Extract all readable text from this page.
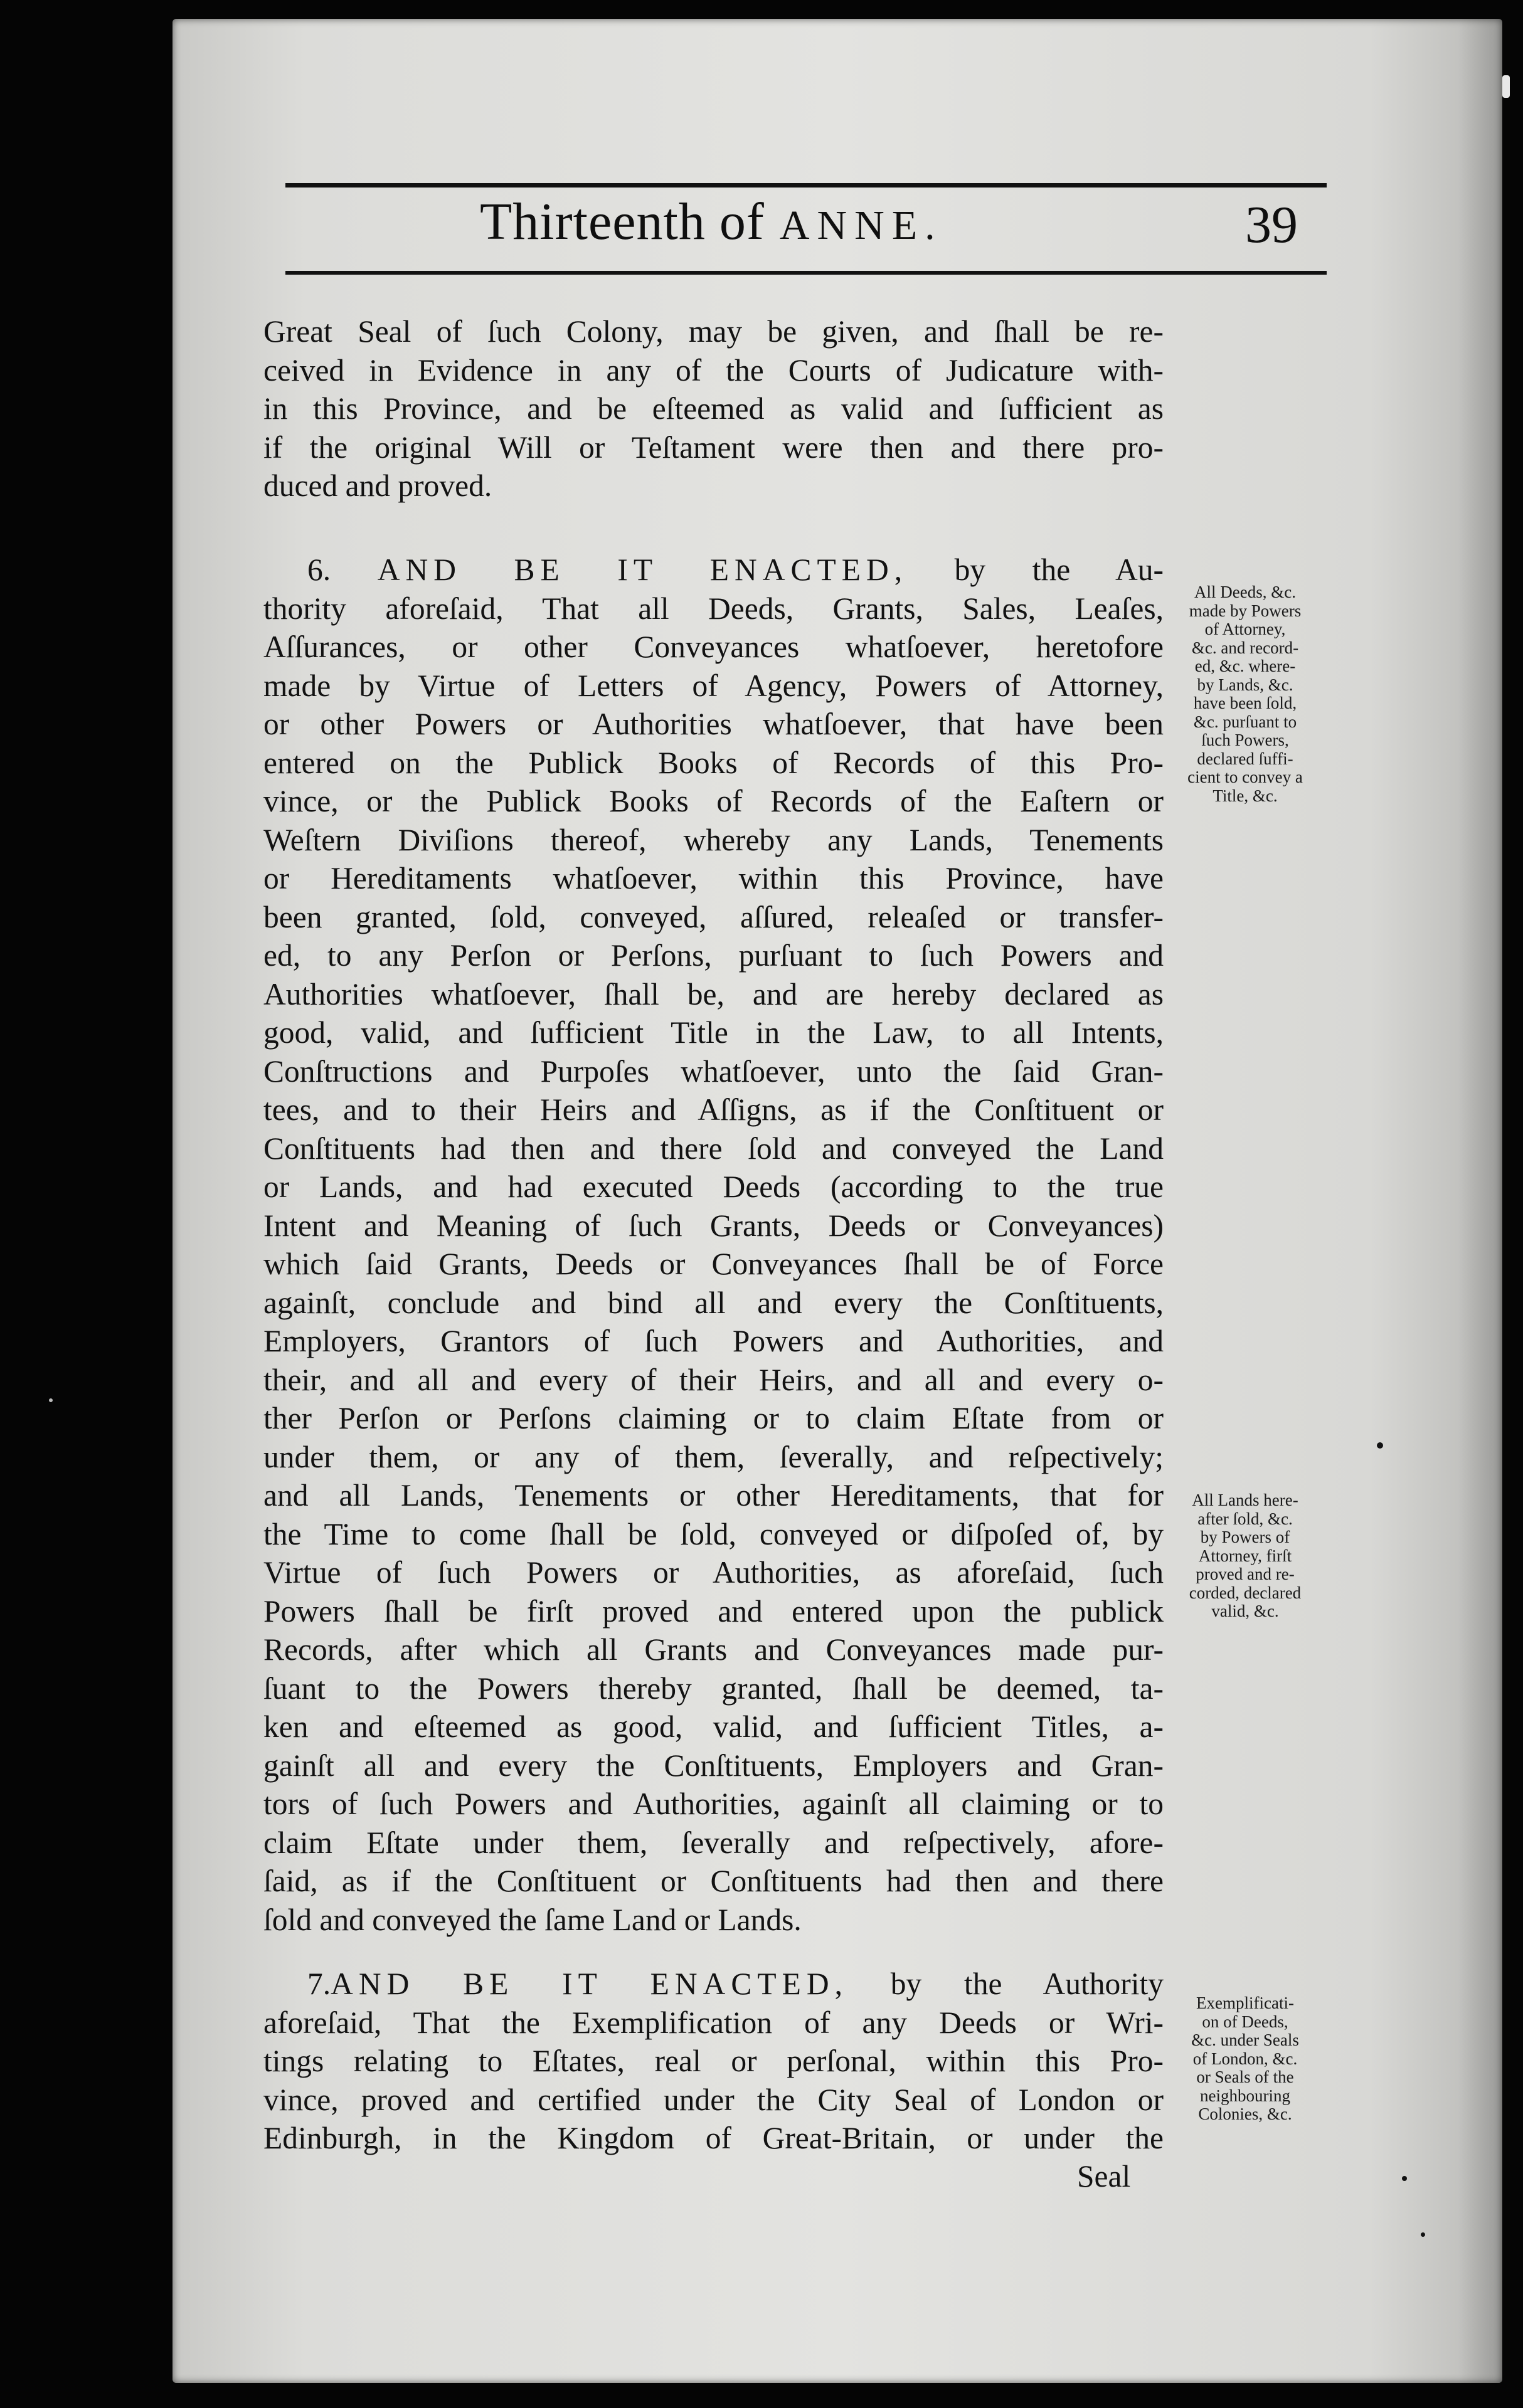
Thirteenth of ANNE.	39
Great Seal of ſuch Colony, may be given, and ſhall be re-
ceived in Evidence in any of the Courts of Judicature with-
in this Province, and be eſteemed as valid and ſufficient as
if the original Will or Teſtament were then and there pro-
duced and proved.
6. AND BE IT ENACTED, by the Au-
thority aforeſaid, That all Deeds, Grants, Sales, Leaſes,
Aſſurances, or other Conveyances whatſoever, heretofore
made by Virtue of Letters of Agency, Powers of Attorney,
or other Powers or Authorities whatſoever, that have been
entered on the Publick Books of Records of this Pro-
vince, or the Publick Books of Records of the Eaſtern or
Weſtern Diviſions thereof, whereby any Lands, Tenements
or Hereditaments whatſoever, within this Province, have
been granted, ſold, conveyed, aſſured, releaſed or transfer-
ed, to any Perſon or Perſons, purſuant to ſuch Powers and
Authorities whatſoever, ſhall be, and are hereby declared as
good, valid, and ſufficient Title in the Law, to all Intents,
Conſtructions and Purpoſes whatſoever, unto the ſaid Gran-
tees, and to their Heirs and Aſſigns, as if the Conſtituent or
Conſtituents had then and there ſold and conveyed the Land
or Lands, and had executed Deeds (according to the true
Intent and Meaning of ſuch Grants, Deeds or Conveyances)
which ſaid Grants, Deeds or Conveyances ſhall be of Force
againſt, conclude and bind all and every the Conſtituents,
Employers, Grantors of ſuch Powers and Authorities, and
their, and all and every of their Heirs, and all and every o-
ther Perſon or Perſons claiming or to claim Eſtate from or
under them, or any of them, ſeverally, and reſpectively;
and all Lands, Tenements or other Hereditaments, that for
the Time to come ſhall be ſold, conveyed or diſpoſed of, by
Virtue of ſuch Powers or Authorities, as aforeſaid, ſuch
Powers ſhall be firſt proved and entered upon the publick
Records, after which all Grants and Conveyances made pur-
ſuant to the Powers thereby granted, ſhall be deemed, ta-
ken and eſteemed as good, valid, and ſufficient Titles, a-
gainſt all and every the Conſtituents, Employers and Gran-
tors of ſuch Powers and Authorities, againſt all claiming or to
claim Eſtate under them, ſeverally and reſpectively, afore-
ſaid, as if the Conſtituent or Conſtituents had then and there
ſold and conveyed the ſame Land or Lands.
7.AND BE IT ENACTED, by the Authority
aforeſaid, That the Exemplification of any Deeds or Wri-
tings relating to Eſtates, real or perſonal, within this Pro-
vince, proved and certified under the City Seal of London or
Edinburgh, in the Kingdom of Great-Britain, or under the
Seal
All Deeds, &c.
made by Powers
of Attorney,
&c. and record-
ed, &c. where-
by Lands, &c.
have been ſold,
&c. purſuant to
ſuch Powers,
declared ſuffi-
cient to convey a
Title, &c.
All Lands here-
after ſold, &c.
by Powers of
Attorney, firſt
proved and re-
corded, declared
valid, &c.
Exemplificati-
on of Deeds,
&c. under Seals
of London, &c.
or Seals of the
neighbouring
Colonies, &c.
